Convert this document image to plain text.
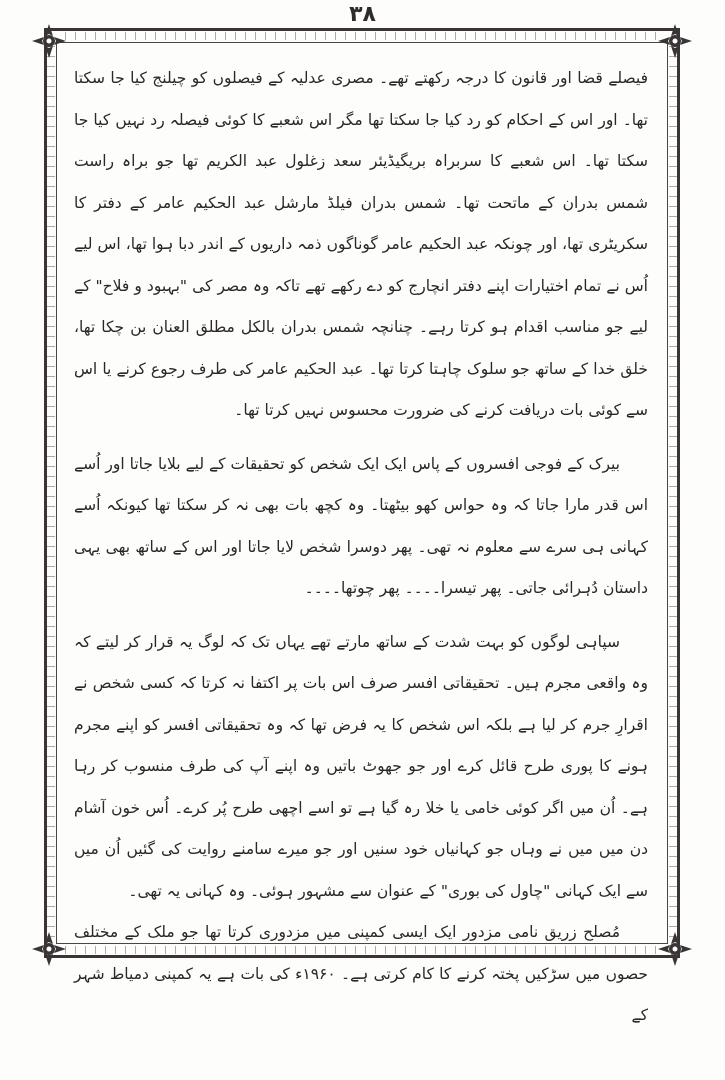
۳۸

فیصلے قضا اور قانون کا درجہ رکھتے تھے۔ مصری عدلیہ کے فیصلوں کو چیلنج کیا جا سکتا تھا۔ اور اس کے احکام کو رد کیا جا سکتا تھا مگر اس شعبے کا کوئی فیصلہ رد نہیں کیا جا سکتا تھا۔ اس شعبے کا سربراہ بریگیڈیئر سعد زغلول عبد الکریم تھا جو براہ راست شمس بدران کے ماتحت تھا۔ شمس بدران فیلڈ مارشل عبد الحکیم عامر کے دفتر کا سکریٹری تھا، اور چونکہ عبد الحکیم عامر گوناگوں ذمہ داریوں کے اندر دبا ہوا تھا، اس لیے اُس نے تمام اختیارات اپنے دفتر انچارج کو دے رکھے تھے تاکہ وہ مصر کی "بہبود و فلاح" کے لیے جو مناسب اقدام ہو کرتا رہے۔ چنانچہ شمس بدران بالکل مطلق العنان بن چکا تھا، خلق خدا کے ساتھ جو سلوک چاہتا کرتا تھا۔ عبد الحکیم عامر کی طرف رجوع کرنے یا اس سے کوئی بات دریافت کرنے کی ضرورت محسوس نہیں کرتا تھا۔

بیرک کے فوجی افسروں کے پاس ایک ایک شخص کو تحقیقات کے لیے بلایا جاتا اور اُسے اس قدر مارا جاتا کہ وہ حواس کھو بیٹھتا۔ وہ کچھ بات بھی نہ کر سکتا تھا کیونکہ اُسے کہانی ہی سرے سے معلوم نہ تھی۔ پھر دوسرا شخص لایا جاتا اور اس کے ساتھ بھی یہی داستان دُہرائی جاتی۔ پھر تیسرا۔۔۔۔ پھر چوتھا۔۔۔۔

سپاہی لوگوں کو بہت شدت کے ساتھ مارتے تھے یہاں تک کہ لوگ یہ قرار کر لیتے کہ وہ واقعی مجرم ہیں۔ تحقیقاتی افسر صرف اس بات پر اکتفا نہ کرتا کہ کسی شخص نے اقرارِ جرم کر لیا ہے بلکہ اس شخص کا یہ فرض تھا کہ وہ تحقیقاتی افسر کو اپنے مجرم ہونے کا پوری طرح قائل کرے اور جو جھوٹ باتیں وہ اپنے آپ کی طرف منسوب کر رہا ہے۔ اُن میں اگر کوئی خامی یا خلا رہ گیا ہے تو اسے اچھی طرح پُر کرے۔ اُس خون آشام دن میں میں نے وہاں جو کہانیاں خود سنیں اور جو میرے سامنے روایت کی گئیں اُن میں سے ایک کہانی "چاول کی بوری" کے عنوان سے مشہور ہوئی۔ وہ کہانی یہ تھی۔

مُصلح زریق نامی مزدور ایک ایسی کمپنی میں مزدوری کرتا تھا جو ملک کے مختلف حصوں میں سڑکیں پختہ کرنے کا کام کرتی ہے۔ ۱۹۶۰ء کی بات ہے یہ کمپنی دمیاط شہر کے
